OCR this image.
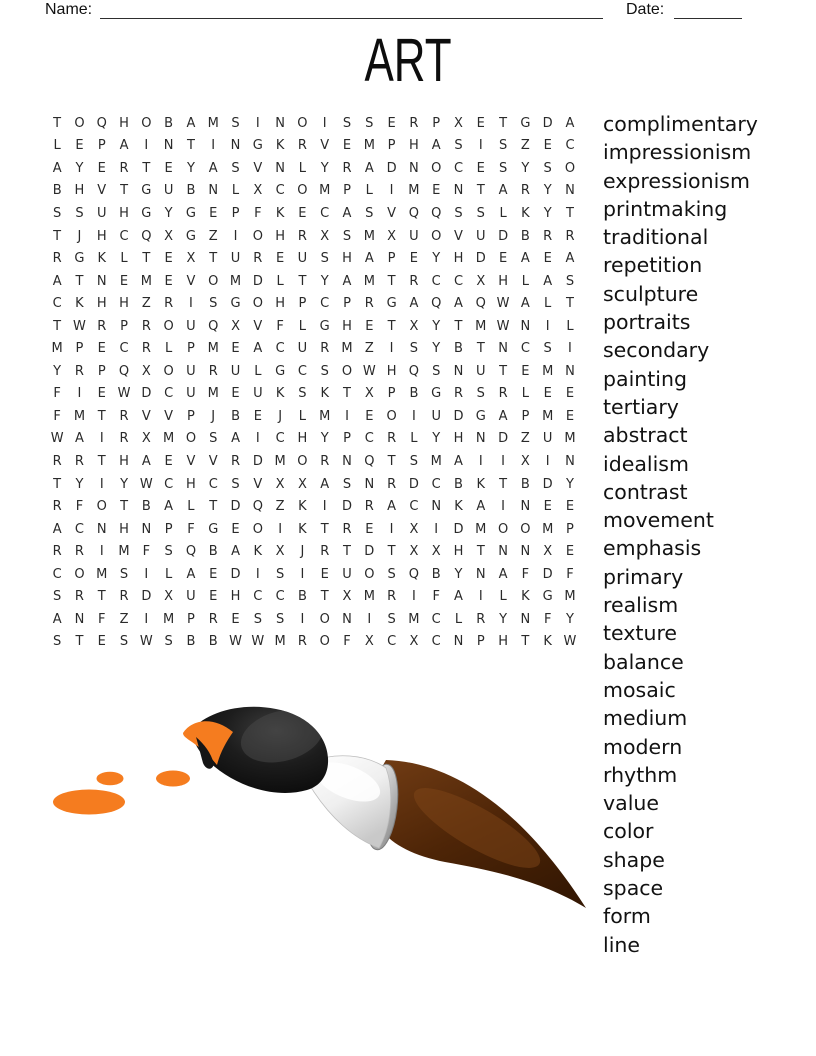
Name:	Date:
ART
T	O Q H O B	A M S	I	N O	I	S	S	E	R	P	X	E	T	G D A
L	E	P	A	I	N	T	I	N G K	R	V	E M P	H A	S	I	S	Z	E	C
A	Y	E	R	T	E	Y	A	S	V N	L	Y	R	A D N O C	E	S	Y	S	O
B H V	T	G U	B N	L	X	C O M P	L	I	M E	N	T	A	R	Y	N
S	S	U H G	Y	G	E	P	F	K	E	C	A	S	V Q Q	S	S	L	K	Y	T
T	J	H C Q X G Z	I	O H R	X	S M X	U O V	U D B	R	R
R G K	L	T	E	X	T	U	R	E	U	S	H A	P	E	Y	H D	E	A	E	A
A	T	N	E M E	V O M D	L	T	Y	A M T	R	C	C	X H	L	A	S
C	K	H H Z	R	I	S	G O H	P	C	P	R G A Q A Q W A	L	T
T W R	P	R O U Q X	V	F	L	G H	E	T	X	Y	T M W N	I	L
M P	E	C	R	L	P M E	A	C	U	R M Z	I	S	Y	B	T	N C	S	I
Y	R	P	Q X O U	R	U	L	G C	S	O W H Q	S	N U	T	E M N
F	I	E W D C	U M E	U	K	S	K	T	X	P	B G R	S	R	L	E	E
F M T	R	V	V	P	J	B	E	J	L	M	I	E	O	I	U D G A	P M E
W A	I	R	X M O	S	A	I	C H	Y	P	C	R	L	Y	H N D Z	U M
R	R	T	H A	E	V	V	R D M O R N Q	T	S M A	I	I	X	I	N
T	Y	I	Y W C H C	S	V	X	X	A	S	N R D C	B	K	T	B D	Y
R	F	O	T	B	A	L	T	D Q Z	K	I	D R	A	C N	K	A	I	N	E	E
A	C N H N	P	F	G	E	O	I	K	T	R	E	I	X	I	D M O O M P
R	R	I	M F	S	Q B	A	K	X	J	R	T	D	T	X	X H	T	N N X	E
C O M S	I	L	A	E	D	I	S	I	E	U O	S	Q B	Y	N A	F	D	F
S	R	T	R D X	U	E	H C	C	B	T	X M R	I	F	A	I	L	K	G M
A N	F	Z	I	M P	R	E	S	S	I	O N	I	S M C	L	R	Y	N	F	Y
S	T	E	S W S	B	B W W M R O	F	X	C	X	C N	P	H	T	K W
complimentary
impressionism
expressionism
printmaking
traditional
repetition
sculpture
portraits
secondary
painting
tertiary
abstract
idealism
contrast
movement
emphasis
primary
realism
texture
balance
mosaic
medium
modern
rhythm
value
color
shape
space
form
line
